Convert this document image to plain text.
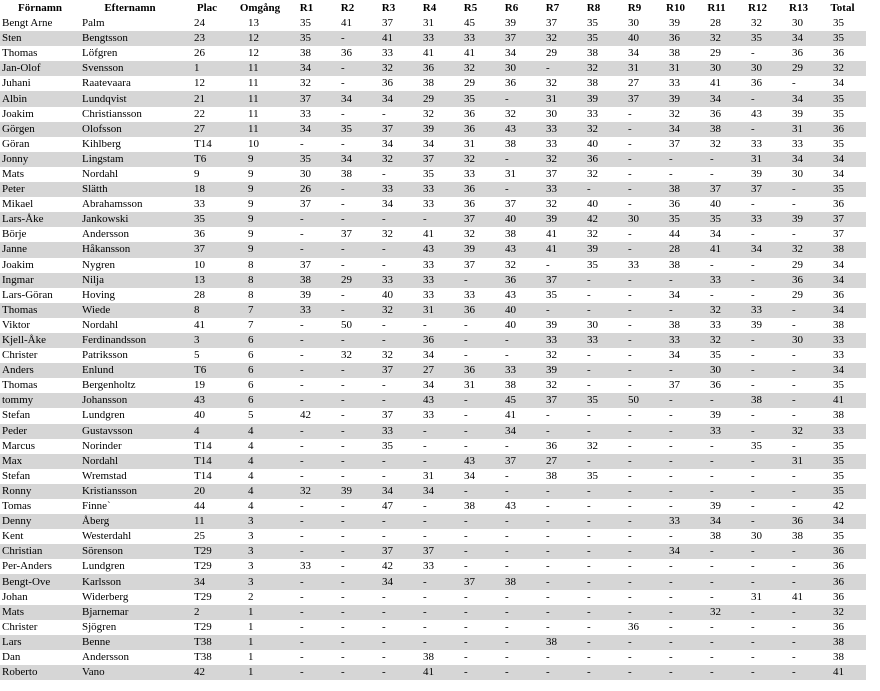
Förnamn	Efternamn	Plac	Omgång	R1	R2	R3	R4	R5	R6	R7	R8	R9	R10	R11	R12	R13	Total
Bengt Arne	Palm	24	13	35	41	37	31	45	39	37	35	30	39	28	32	30	35
Sten	Bengtsson	23	12	35	-	41	33	33	37	32	35	40	36	32	35	34	35
Thomas	Löfgren	26	12	38	36	33	41	41	34	29	38	34	38	29	-	36	36
Jan-Olof	Svensson	1	11	34	-	32	36	32	30	-	32	31	31	30	30	29	32
Juhani	Raatevaara	12	11	32	-	36	38	29	36	32	38	27	33	41	36	-	34
Albin	Lundqvist	21	11	37	34	34	29	35	-	31	39	37	39	34	-	34	35
Joakim	Christiansson	22	11	33	-	-	32	36	32	30	33	-	32	36	43	39	35
Görgen	Olofsson	27	11	34	35	37	39	36	43	33	32	-	34	38	-	31	36
Göran	Kihlberg	T14	10	-	-	34	34	31	38	33	40	-	37	32	33	33	35
Jonny	Lingstam	T6	9	35	34	32	37	32	-	32	36	-	-	-	31	34	34
Mats	Nordahl	9	9	30	38	-	35	33	31	37	32	-	-	-	39	30	34
Peter	Slätth	18	9	26	-	33	33	36	-	33	-	-	38	37	37	-	35
Mikael	Abrahamsson	33	9	37	-	34	33	36	37	32	40	-	36	40	-	-	36
Lars-Åke	Jankowski	35	9	-	-	-	-	37	40	39	42	30	35	35	33	39	37
Börje	Andersson	36	9	-	37	32	41	32	38	41	32	-	44	34	-	-	37
Janne	Håkansson	37	9	-	-	-	43	39	43	41	39	-	28	41	34	32	38
Joakim	Nygren	10	8	37	-	-	33	37	32	-	35	33	38	-	-	29	34
Ingmar	Nilja	13	8	38	29	33	33	-	36	37	-	-	-	33	-	36	34
Lars-Göran	Hoving	28	8	39	-	40	33	33	43	35	-	-	34	-	-	29	36
Thomas	Wiede	8	7	33	-	32	31	36	40	-	-	-	-	32	33	-	34
Viktor	Nordahl	41	7	-	50	-	-	-	40	39	30	-	38	33	39	-	38
Kjell-Åke	Ferdinandsson	3	6	-	-	-	36	-	-	33	33	-	33	32	-	30	33
Christer	Patriksson	5	6	-	32	32	34	-	-	32	-	-	34	35	-	-	33
Anders	Enlund	T6	6	-	-	37	27	36	33	39	-	-	-	30	-	-	34
Thomas	Bergenholtz	19	6	-	-	-	34	31	38	32	-	-	37	36	-	-	35
tommy	Johansson	43	6	-	-	-	43	-	45	37	35	50	-	-	38	-	41
Stefan	Lundgren	40	5	42	-	37	33	-	41	-	-	-	-	39	-	-	38
Peder	Gustavsson	4	4	-	-	33	-	-	34	-	-	-	-	33	-	32	33
Marcus	Norinder	T14	4	-	-	35	-	-	-	36	32	-	-	-	35	-	35
Max	Nordahl	T14	4	-	-	-	-	43	37	27	-	-	-	-	-	31	35
Stefan	Wremstad	T14	4	-	-	-	31	34	-	38	35	-	-	-	-	-	35
Ronny	Kristiansson	20	4	32	39	34	34	-	-	-	-	-	-	-	-	-	35
Tomas	Finne`	44	4	-	-	47	-	38	43	-	-	-	-	39	-	-	42
Denny	Åberg	11	3	-	-	-	-	-	-	-	-	-	33	34	-	36	34
Kent	Westerdahl	25	3	-	-	-	-	-	-	-	-	-	-	38	30	38	35
Christian	Sörenson	T29	3	-	-	37	37	-	-	-	-	-	34	-	-	-	36
Per-Anders	Lundgren	T29	3	33	-	42	33	-	-	-	-	-	-	-	-	-	36
Bengt-Ove	Karlsson	34	3	-	-	34	-	37	38	-	-	-	-	-	-	-	36
Johan	Widerberg	T29	2	-	-	-	-	-	-	-	-	-	-	-	31	41	36
Mats	Bjarnemar	2	1	-	-	-	-	-	-	-	-	-	-	32	-	-	32
Christer	Sjögren	T29	1	-	-	-	-	-	-	-	-	36	-	-	-	-	36
Lars	Benne	T38	1	-	-	-	-	-	-	38	-	-	-	-	-	-	38
Dan	Andersson	T38	1	-	-	-	38	-	-	-	-	-	-	-	-	-	38
Roberto	Vano	42	1	-	-	-	41	-	-	-	-	-	-	-	-	-	41
